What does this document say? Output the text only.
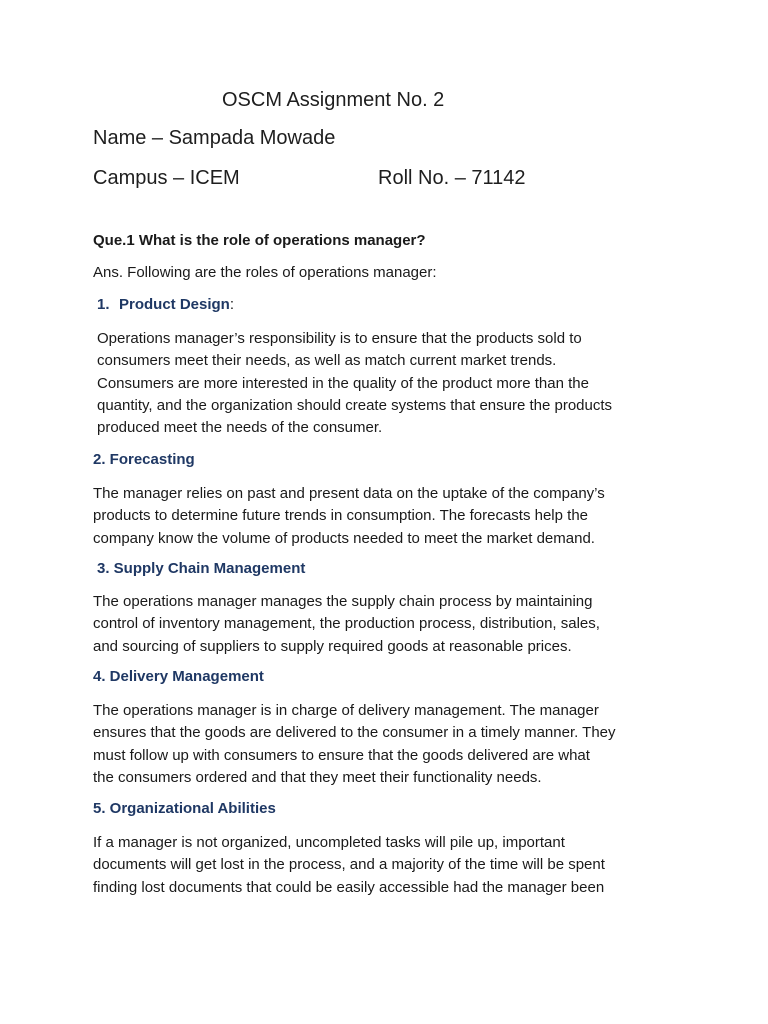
OSCM Assignment No. 2
Name – Sampada Mowade
Campus – ICEM	Roll No. – 71142
Que.1 What is the role of operations manager?
Ans. Following are the roles of operations manager:
1. Product Design:
Operations manager’s responsibility is to ensure that the products sold to
consumers meet their needs, as well as match current market trends.
Consumers are more interested in the quality of the product more than the
quantity, and the organization should create systems that ensure the products
produced meet the needs of the consumer.
2. Forecasting
The manager relies on past and present data on the uptake of the company’s
products to determine future trends in consumption. The forecasts help the
company know the volume of products needed to meet the market demand.
3. Supply Chain Management
The operations manager manages the supply chain process by maintaining
control of inventory management, the production process, distribution, sales,
and sourcing of suppliers to supply required goods at reasonable prices.
4. Delivery Management
The operations manager is in charge of delivery management. The manager
ensures that the goods are delivered to the consumer in a timely manner. They
must follow up with consumers to ensure that the goods delivered are what
the consumers ordered and that they meet their functionality needs.
5. Organizational Abilities
If a manager is not organized, uncompleted tasks will pile up, important
documents will get lost in the process, and a majority of the time will be spent
finding lost documents that could be easily accessible had the manager been
